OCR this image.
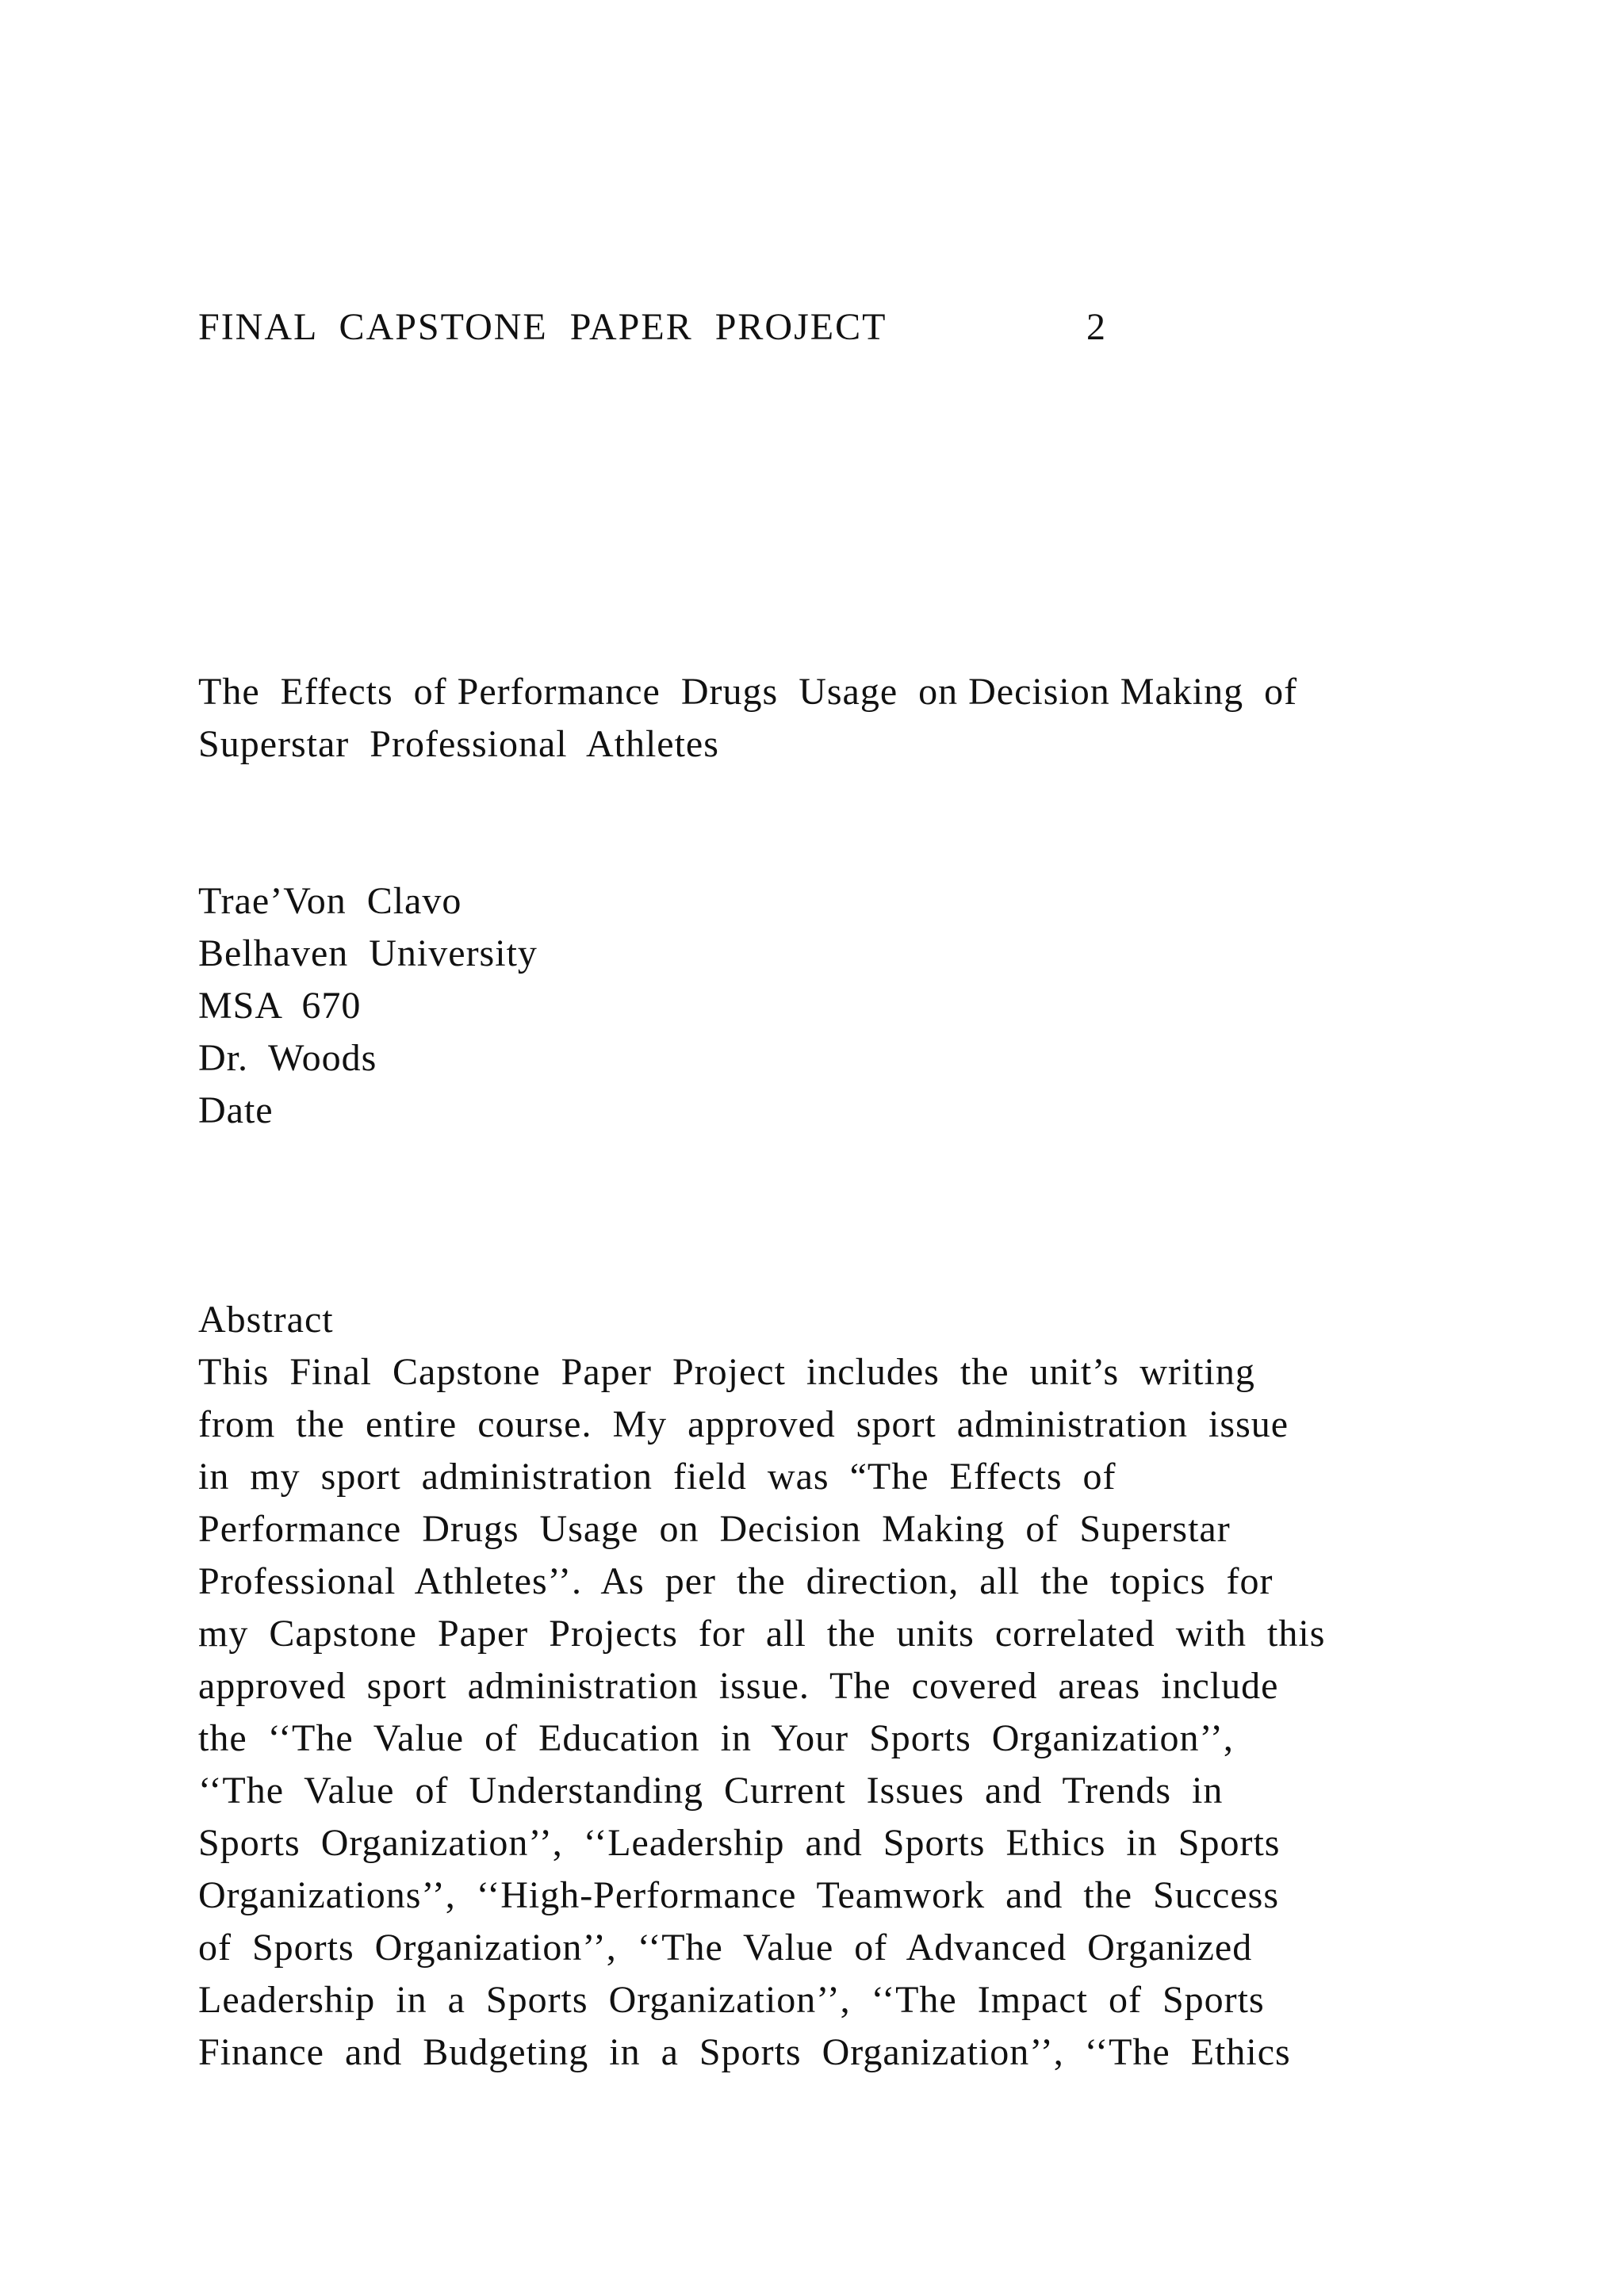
FINAL  CAPSTONE  PAPER  PROJECT	2
The  Effects  of Performance  Drugs  Usage  on Decision Making  of
Superstar  Professional  Athletes
Trae’Von  Clavo
Belhaven  University
MSA  670
Dr.  Woods
Date
Abstract
This  Final  Capstone  Paper  Project  includes  the  unit’s  writing
from  the  entire  course.  My  approved  sport  administration  issue
in  my  sport  administration  field  was  “The  Effects  of
Performance  Drugs  Usage  on  Decision  Making  of  Superstar
Professional  Athletes’’.  As  per  the  direction,  all  the  topics  for
my  Capstone  Paper  Projects  for  all  the  units  correlated  with  this
approved  sport  administration  issue.  The  covered  areas  include
the  ‘‘The  Value  of  Education  in  Your  Sports  Organization’’,
‘‘The  Value  of  Understanding  Current  Issues  and  Trends  in
Sports  Organization’’,  ‘‘Leadership  and  Sports  Ethics  in  Sports
Organizations’’,  ‘‘High-Performance  Teamwork  and  the  Success
of  Sports  Organization’’,  ‘‘The  Value  of  Advanced  Organized
Leadership  in  a  Sports  Organization’’,  ‘‘The  Impact  of  Sports
Finance  and  Budgeting  in  a  Sports  Organization’’,  ‘‘The  Ethics
